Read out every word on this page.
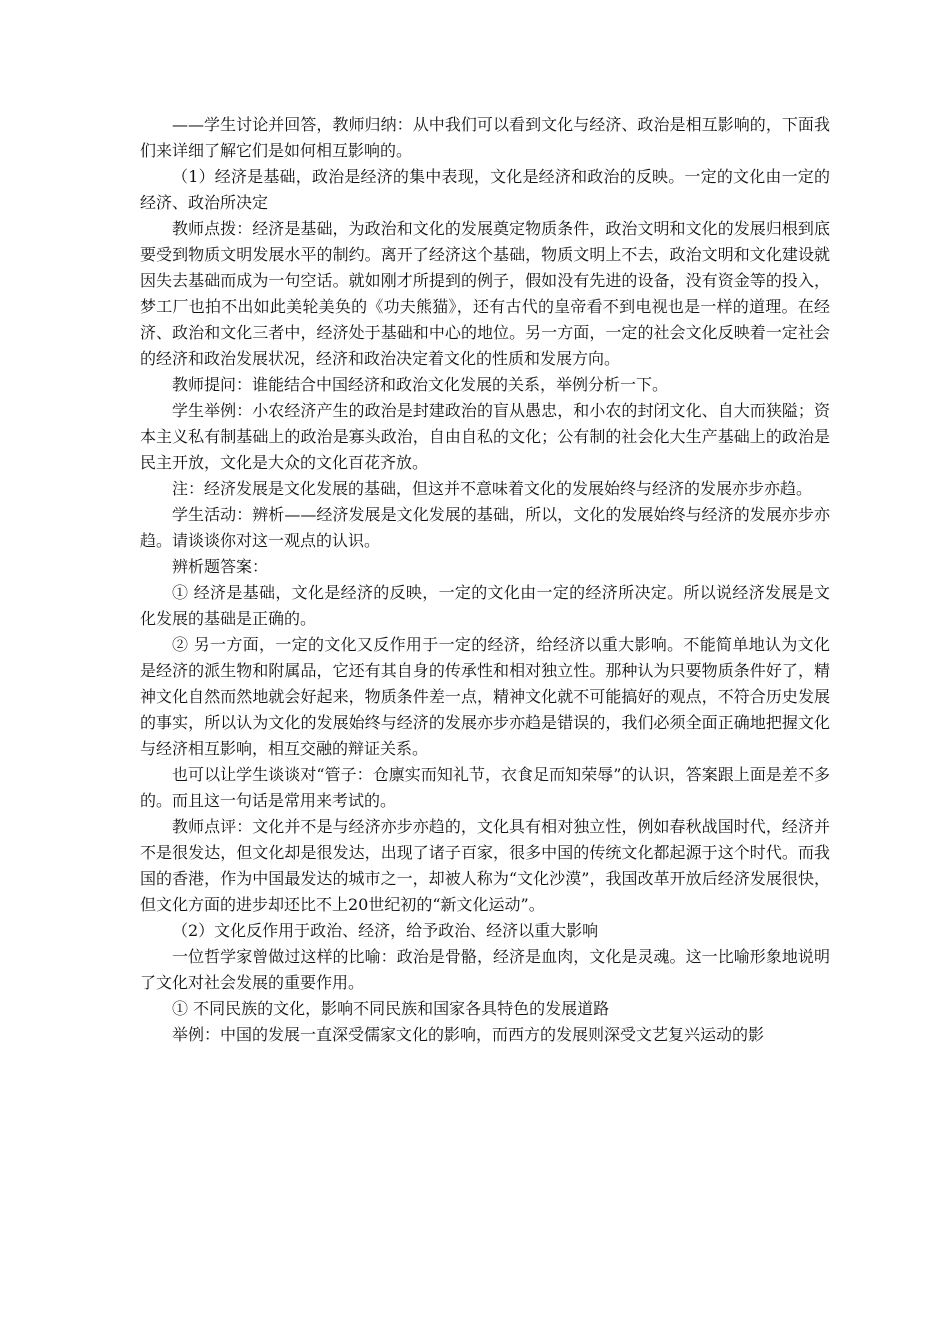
——学生讨论并回答，教师归纳：从中我们可以看到文化与经济、政治是相互影响的，下面我们来详细了解它们是如何相互影响的。

（1）经济是基础，政治是经济的集中表现，文化是经济和政治的反映。一定的文化由一定的经济、政治所决定

教师点拨：经济是基础，为政治和文化的发展奠定物质条件，政治文明和文化的发展归根到底要受到物质文明发展水平的制约。离开了经济这个基础，物质文明上不去，政治文明和文化建设就因失去基础而成为一句空话。就如刚才所提到的例子，假如没有先进的设备，没有资金等的投入，梦工厂也拍不出如此美轮美奂的《功夫熊猫》，还有古代的皇帝看不到电视也是一样的道理。在经济、政治和文化三者中，经济处于基础和中心的地位。另一方面，一定的社会文化反映着一定社会的经济和政治发展状况，经济和政治决定着文化的性质和发展方向。

教师提问：谁能结合中国经济和政治文化发展的关系，举例分析一下。

学生举例：小农经济产生的政治是封建政治的盲从愚忠，和小农的封闭文化、自大而狭隘；资本主义私有制基础上的政治是寡头政治，自由自私的文化；公有制的社会化大生产基础上的政治是民主开放，文化是大众的文化百花齐放。

注：经济发展是文化发展的基础，但这并不意味着文化的发展始终与经济的发展亦步亦趋。

学生活动：辨析——经济发展是文化发展的基础，所以，文化的发展始终与经济的发展亦步亦趋。请谈谈你对这一观点的认识。

辨析题答案：

① 经济是基础，文化是经济的反映，一定的文化由一定的经济所决定。所以说经济发展是文化发展的基础是正确的。

② 另一方面，一定的文化又反作用于一定的经济，给经济以重大影响。不能简单地认为文化是经济的派生物和附属品，它还有其自身的传承性和相对独立性。那种认为只要物质条件好了，精神文化自然而然地就会好起来，物质条件差一点，精神文化就不可能搞好的观点，不符合历史发展的事实，所以认为文化的发展始终与经济的发展亦步亦趋是错误的，我们必须全面正确地把握文化与经济相互影响，相互交融的辩证关系。

也可以让学生谈谈对“管子：仓廪实而知礼节，衣食足而知荣辱”的认识，答案跟上面是差不多的。而且这一句话是常用来考试的。

教师点评：文化并不是与经济亦步亦趋的，文化具有相对独立性，例如春秋战国时代，经济并不是很发达，但文化却是很发达，出现了诸子百家，很多中国的传统文化都起源于这个时代。而我国的香港，作为中国最发达的城市之一，却被人称为“文化沙漠”，我国改革开放后经济发展很快，但文化方面的进步却还比不上20世纪初的“新文化运动”。

（2）文化反作用于政治、经济，给予政治、经济以重大影响

一位哲学家曾做过这样的比喻：政治是骨骼，经济是血肉，文化是灵魂。这一比喻形象地说明了文化对社会发展的重要作用。

① 不同民族的文化，影响不同民族和国家各具特色的发展道路

举例：中国的发展一直深受儒家文化的影响，而西方的发展则深受文艺复兴运动的影
